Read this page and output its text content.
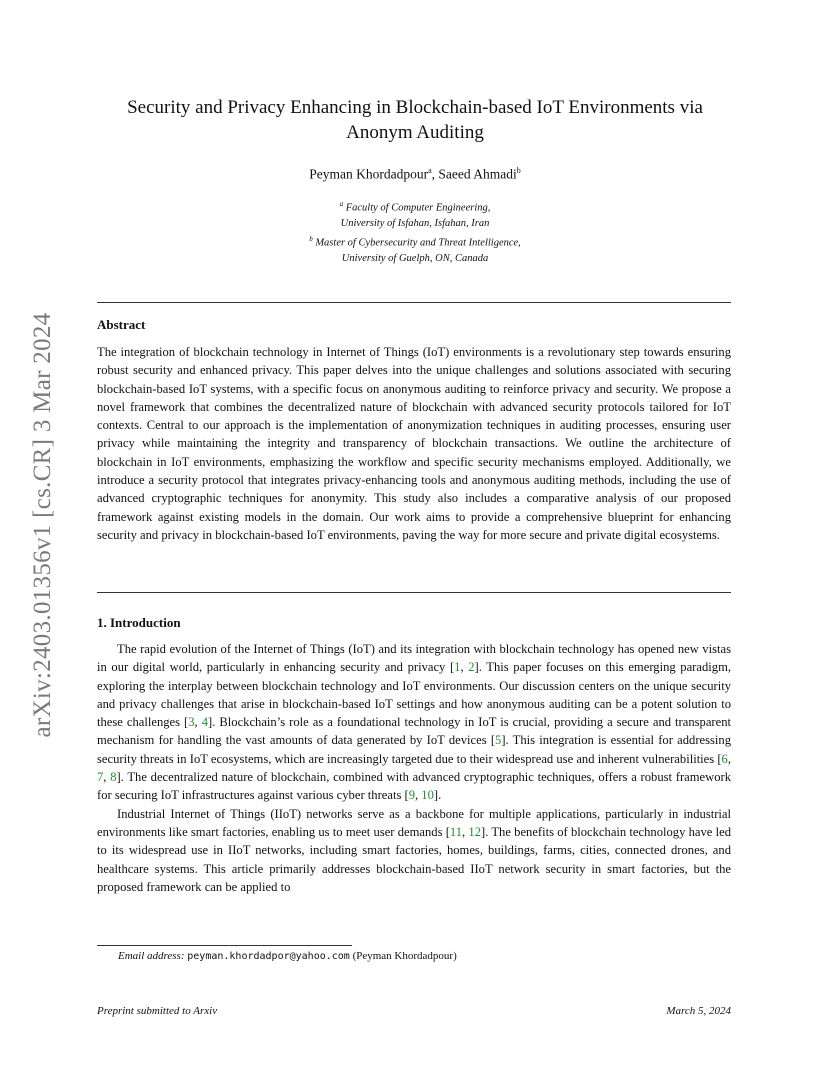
arXiv:2403.01356v1 [cs.CR] 3 Mar 2024
Security and Privacy Enhancing in Blockchain-based IoT Environments via
Anonym Auditing
Peyman Khordadpour$^a$, Saeed Ahmadi$^b$
$^a$ Faculty of Computer Engineering,
University of Isfahan, Isfahan, Iran
$^b$ Master of Cybersecurity and Threat Intelligence,
University of Guelph, ON, Canada
Abstract

The integration of blockchain technology in Internet of Things (IoT) environments is a revolutionary step towards ensuring robust security and enhanced privacy. This paper delves into the unique challenges and solutions associated with securing blockchain-based IoT systems, with a specific focus on anonymous auditing to reinforce privacy and security. We propose a novel framework that combines the decentralized nature of blockchain with advanced security protocols tailored for IoT contexts. Central to our approach is the implementation of anonymization techniques in auditing processes, ensuring user privacy while maintaining the integrity and transparency of blockchain transactions. We outline the architecture of blockchain in IoT environments, emphasizing the workflow and specific security mechanisms employed. Additionally, we introduce a security protocol that integrates privacy-enhancing tools and anonymous auditing methods, including the use of advanced cryptographic techniques for anonymity. This study also includes a comparative analysis of our proposed framework against existing models in the domain. Our work aims to provide a comprehensive blueprint for enhancing security and privacy in blockchain-based IoT environments, paving the way for more secure and private digital ecosystems.

1. Introduction

The rapid evolution of the Internet of Things (IoT) and its integration with blockchain technology has opened new vistas in our digital world, particularly in enhancing security and privacy [1, 2]. This paper focuses on this emerging paradigm, exploring the interplay between blockchain technology and IoT environments. Our discussion centers on the unique security and privacy challenges that arise in blockchain-based IoT settings and how anonymous auditing can be a potent solution to these challenges [3, 4]. Blockchain’s role as a foundational technology in IoT is crucial, providing a secure and transparent mechanism for handling the vast amounts of data generated by IoT devices [5]. This integration is essential for addressing security threats in IoT ecosystems, which are increasingly targeted due to their widespread use and inherent vulnerabilities [6, 7, 8]. The decentralized nature of blockchain, combined with advanced cryptographic techniques, offers a robust framework for securing IoT infrastructures against various cyber threats [9, 10].

Industrial Internet of Things (IIoT) networks serve as a backbone for multiple applications, particularly in industrial environments like smart factories, enabling us to meet user demands [11, 12]. The benefits of blockchain technology have led to its widespread use in IIoT networks, including smart factories, homes, buildings, farms, cities, connected drones, and healthcare systems. This article primarily addresses blockchain-based IIoT network security in smart factories, but the proposed framework can be applied to

Email address: peyman.khordadpor@yahoo.com (Peyman Khordadpour)
Preprint submitted to Arxiv	March 5, 2024
